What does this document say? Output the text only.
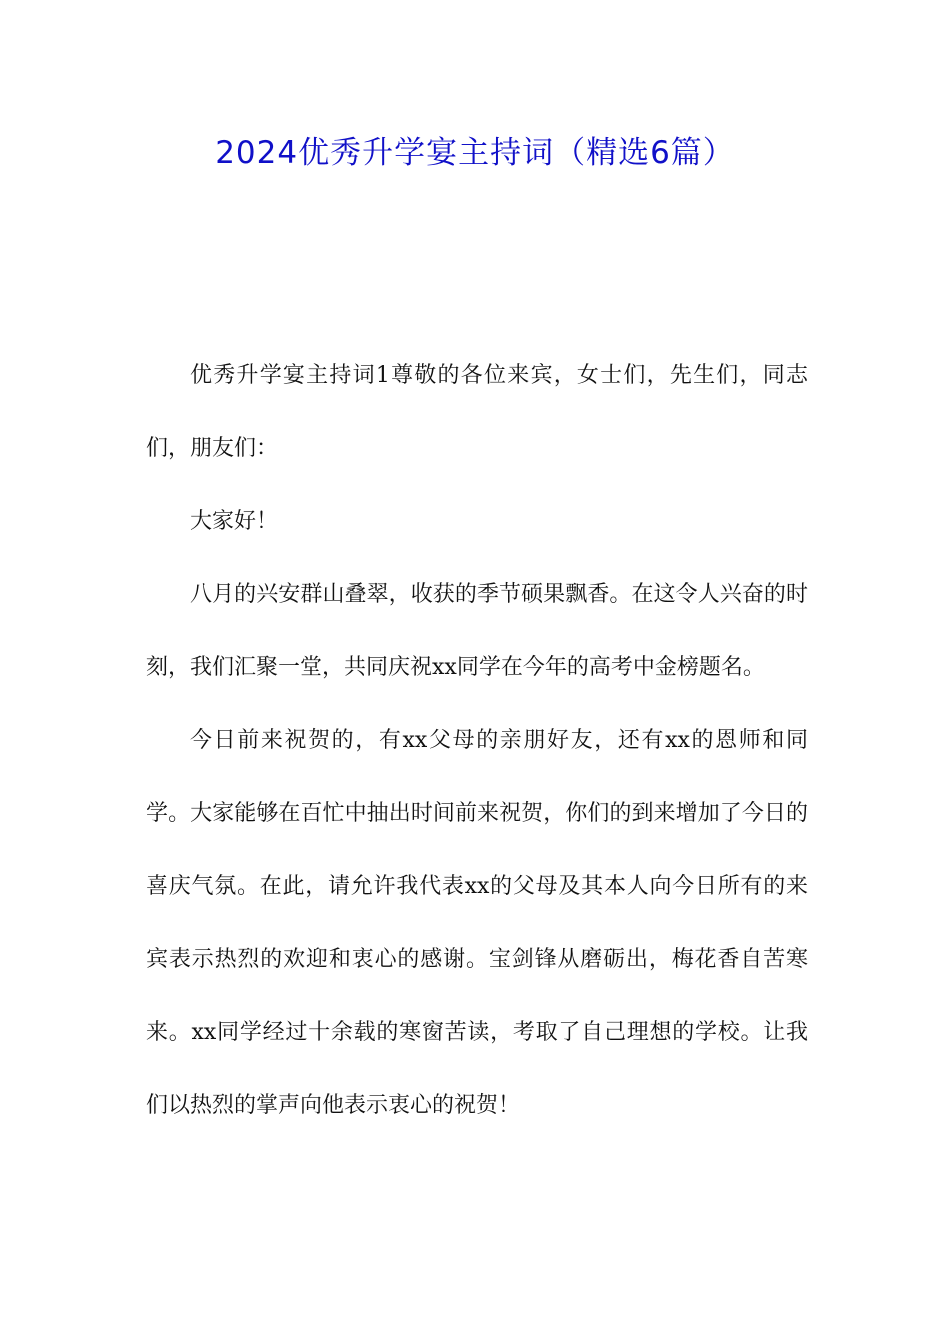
2024优秀升学宴主持词（精选6篇）

优秀升学宴主持词1尊敬的各位来宾，女士们，先生们，同志们，朋友们：

大家好！

八月的兴安群山叠翠，收获的季节硕果飘香。在这令人兴奋的时刻，我们汇聚一堂，共同庆祝xx同学在今年的高考中金榜题名。

今日前来祝贺的，有xx父母的亲朋好友，还有xx的恩师和同学。大家能够在百忙中抽出时间前来祝贺，你们的到来增加了今日的喜庆气氛。在此，请允许我代表xx的父母及其本人向今日所有的来宾表示热烈的欢迎和衷心的感谢。宝剑锋从磨砺出，梅花香自苦寒来。xx同学经过十余载的寒窗苦读，考取了自己理想的学校。让我们以热烈的掌声向他表示衷心的祝贺！
